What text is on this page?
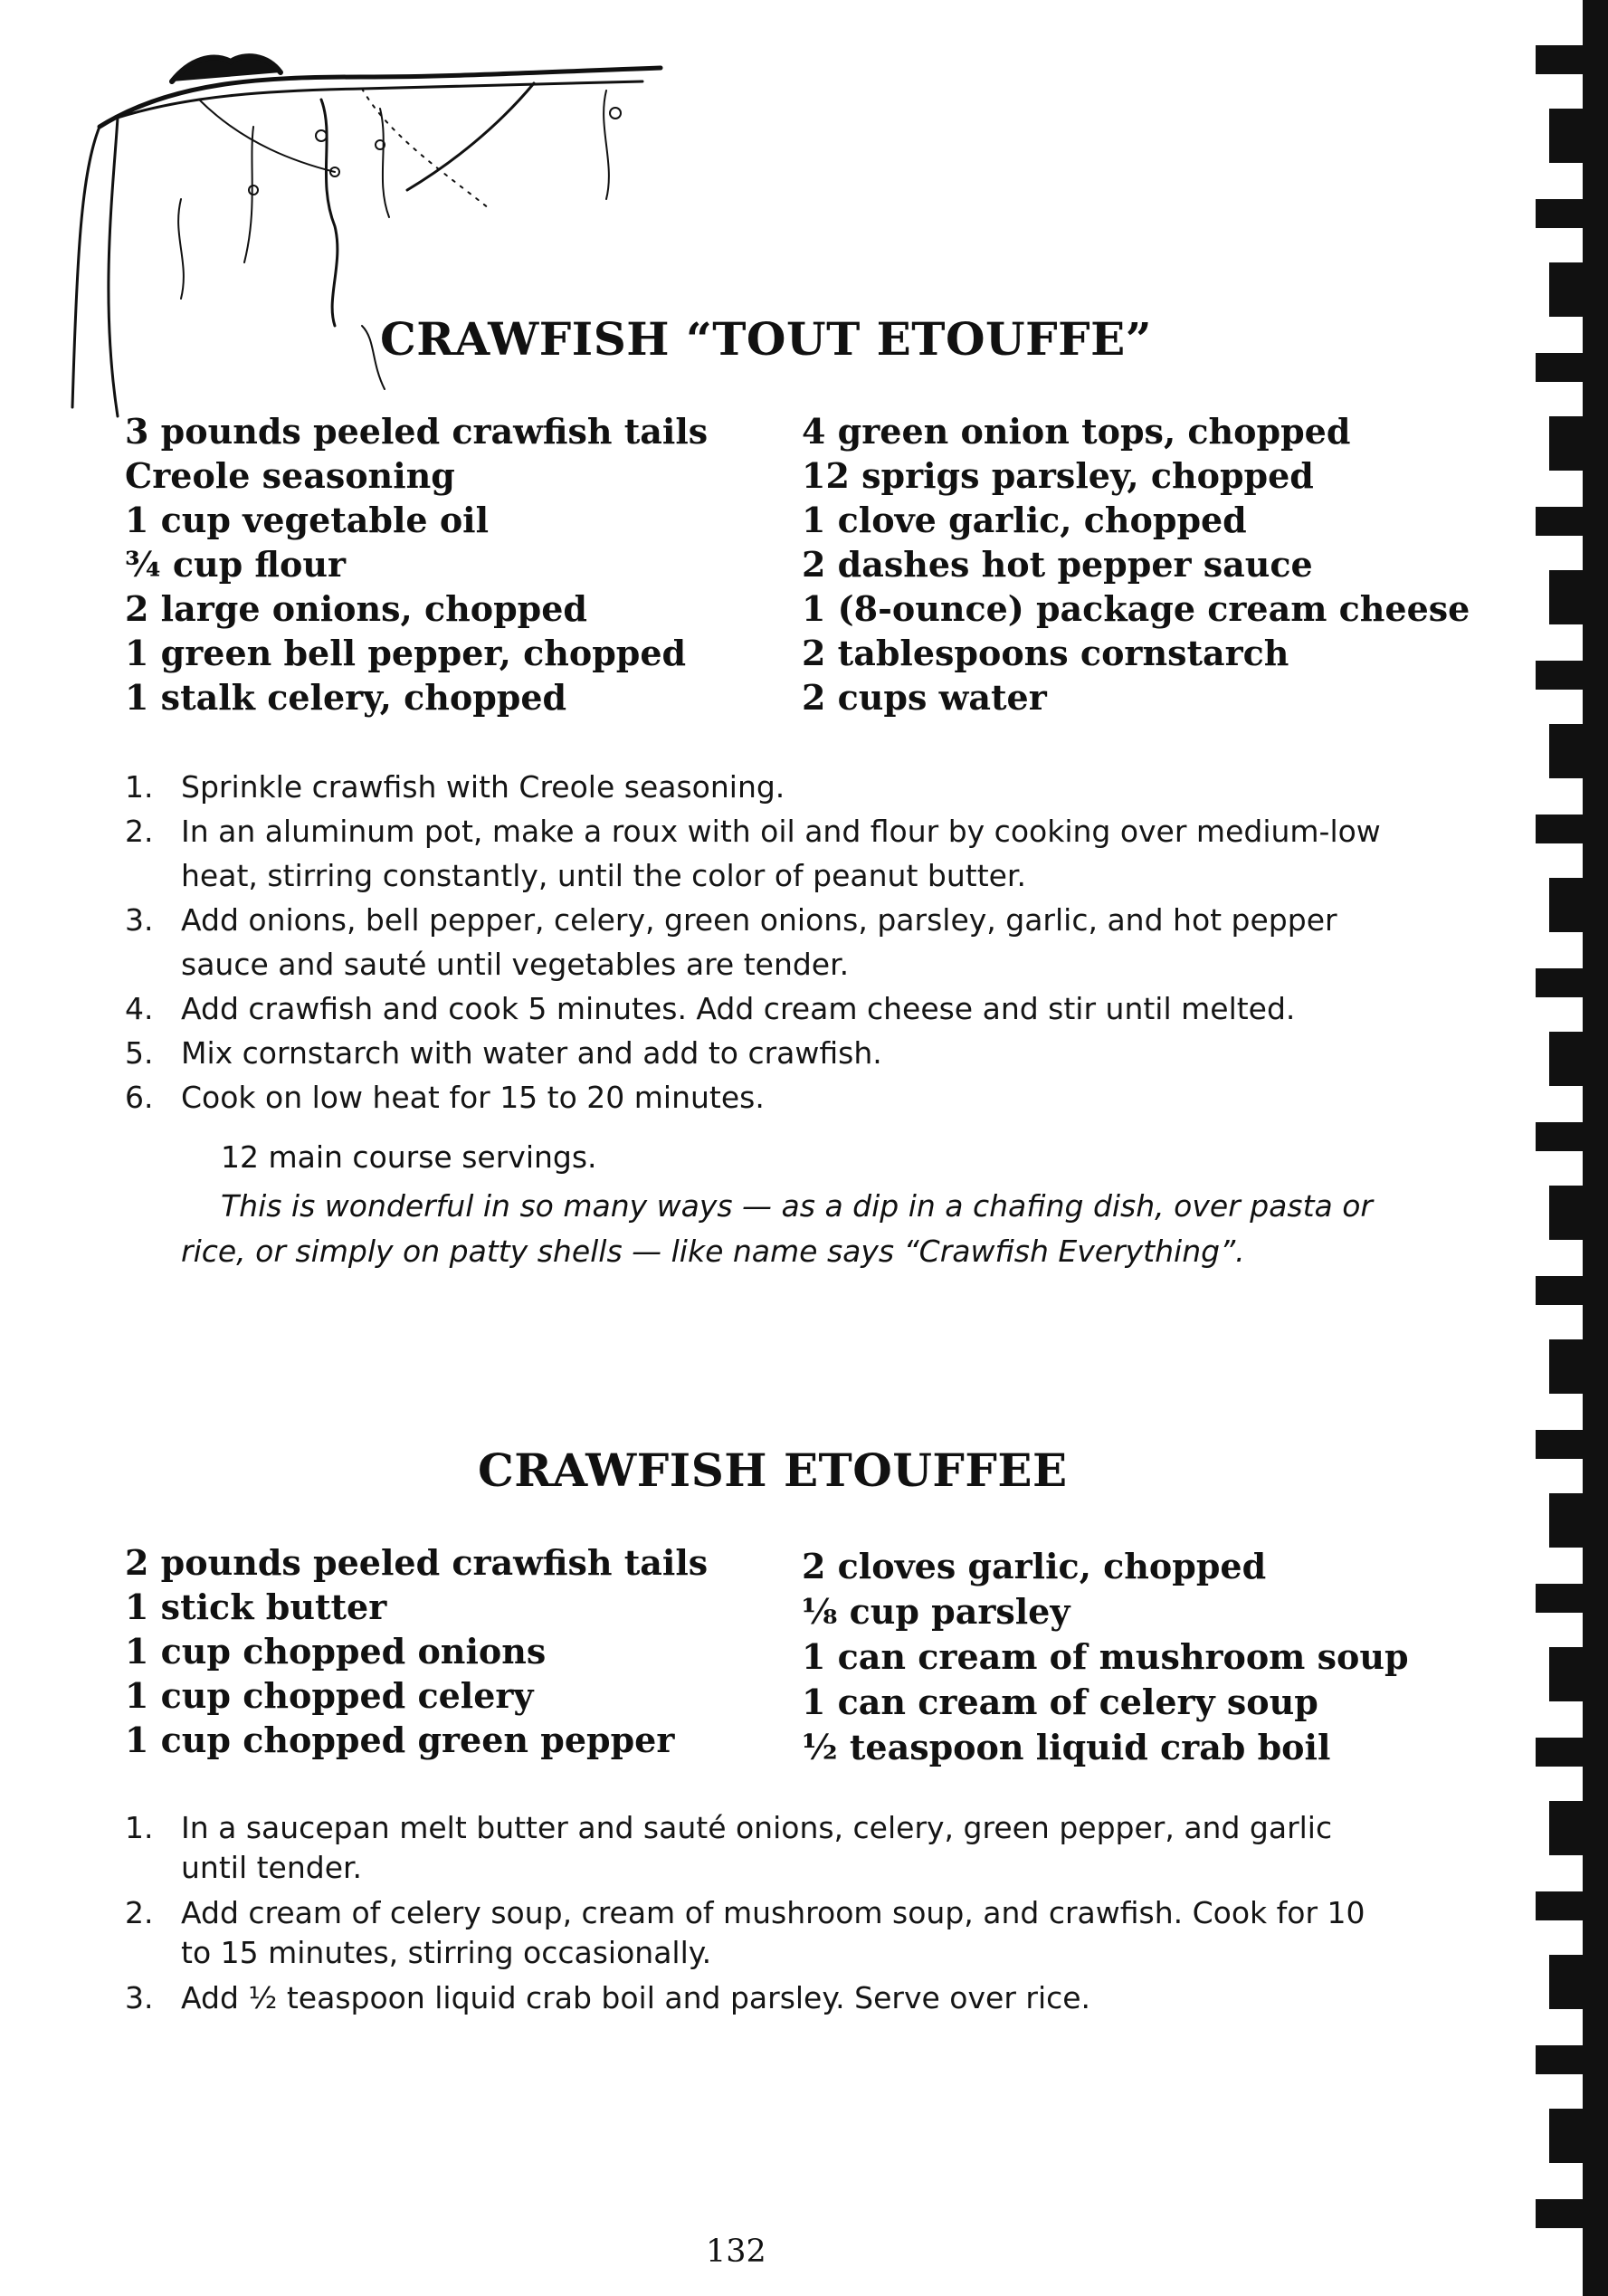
CRAWFISH “TOUT ETOUFFE”
3 pounds peeled crawfish tails
Creole seasoning
1 cup vegetable oil
¾ cup flour
2 large onions, chopped
1 green bell pepper, chopped
1 stalk celery, chopped
4 green onion tops, chopped
12 sprigs parsley, chopped
1 clove garlic, chopped
2 dashes hot pepper sauce
1 (8-ounce) package cream cheese
2 tablespoons cornstarch
2 cups water
1. Sprinkle crawfish with Creole seasoning.
2. In an aluminum pot, make a roux with oil and flour by cooking over medium-low heat, stirring constantly, until the color of peanut butter.
3. Add onions, bell pepper, celery, green onions, parsley, garlic, and hot pepper sauce and sauté until vegetables are tender.
4. Add crawfish and cook 5 minutes. Add cream cheese and stir until melted.
5. Mix cornstarch with water and add to crawfish.
6. Cook on low heat for 15 to 20 minutes.

12 main course servings.

This is wonderful in so many ways — as a dip in a chafing dish, over pasta or rice, or simply on patty shells — like name says “Crawfish Everything”.

CRAWFISH ETOUFFEE
2 pounds peeled crawfish tails
1 stick butter
1 cup chopped onions
1 cup chopped celery
1 cup chopped green pepper
2 cloves garlic, chopped
⅛ cup parsley
1 can cream of mushroom soup
1 can cream of celery soup
½ teaspoon liquid crab boil
1. In a saucepan melt butter and sauté onions, celery, green pepper, and garlic until tender.
2. Add cream of celery soup, cream of mushroom soup, and crawfish. Cook for 10 to 15 minutes, stirring occasionally.
3. Add ½ teaspoon liquid crab boil and parsley. Serve over rice.

132
